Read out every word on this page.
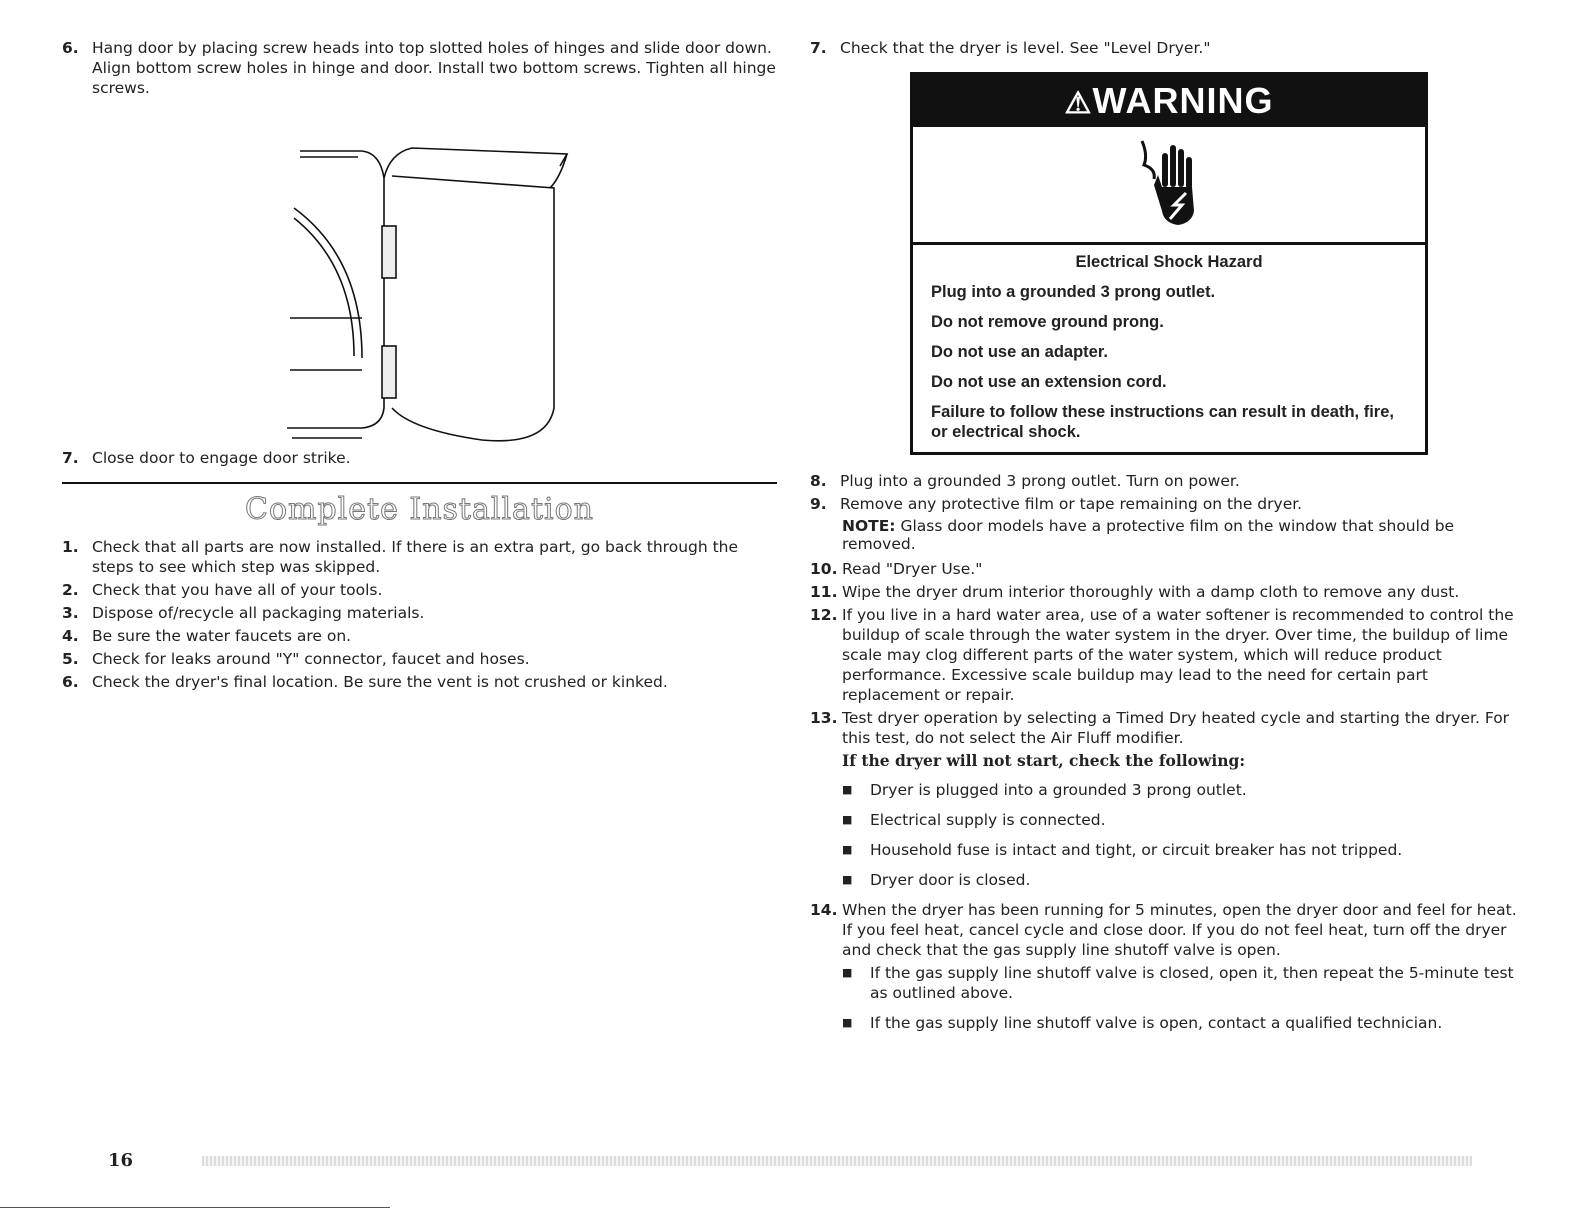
6. Hang door by placing screw heads into top slotted holes of hinges and slide door down. Align bottom screw holes in hinge and door. Install two bottom screws. Tighten all hinge screws.
7. Close door to engage door strike.
Complete Installation
1. Check that all parts are now installed. If there is an extra part, go back through the steps to see which step was skipped.
2. Check that you have all of your tools.
3. Dispose of/recycle all packaging materials.
4. Be sure the water faucets are on.
5. Check for leaks around "Y" connector, faucet and hoses.
6. Check the dryer's final location. Be sure the vent is not crushed or kinked.
7. Check that the dryer is level. See "Level Dryer."
⚠WARNING
Electrical Shock Hazard

Plug into a grounded 3 prong outlet.

Do not remove ground prong.

Do not use an adapter.

Do not use an extension cord.

Failure to follow these instructions can result in death, fire, or electrical shock.

8. Plug into a grounded 3 prong outlet. Turn on power.
9. Remove any protective film or tape remaining on the dryer.
NOTE: Glass door models have a protective film on the window that should be removed.
10. Read "Dryer Use."
11. Wipe the dryer drum interior thoroughly with a damp cloth to remove any dust.
12. If you live in a hard water area, use of a water softener is recommended to control the buildup of scale through the water system in the dryer. Over time, the buildup of lime scale may clog different parts of the water system, which will reduce product performance. Excessive scale buildup may lead to the need for certain part replacement or repair.
13. Test dryer operation by selecting a Timed Dry heated cycle and starting the dryer. For this test, do not select the Air Fluff modifier.
If the dryer will not start, check the following:
■	Dryer is plugged into a grounded 3 prong outlet.
■	Electrical supply is connected.
■	Household fuse is intact and tight, or circuit breaker has not tripped.
■	Dryer door is closed.
14. When the dryer has been running for 5 minutes, open the dryer door and feel for heat. If you feel heat, cancel cycle and close door. If you do not feel heat, turn off the dryer and check that the gas supply line shutoff valve is open.
■	If the gas supply line shutoff valve is closed, open it, then repeat the 5-minute test as outlined above.
■	If the gas supply line shutoff valve is open, contact a qualified technician.
16
